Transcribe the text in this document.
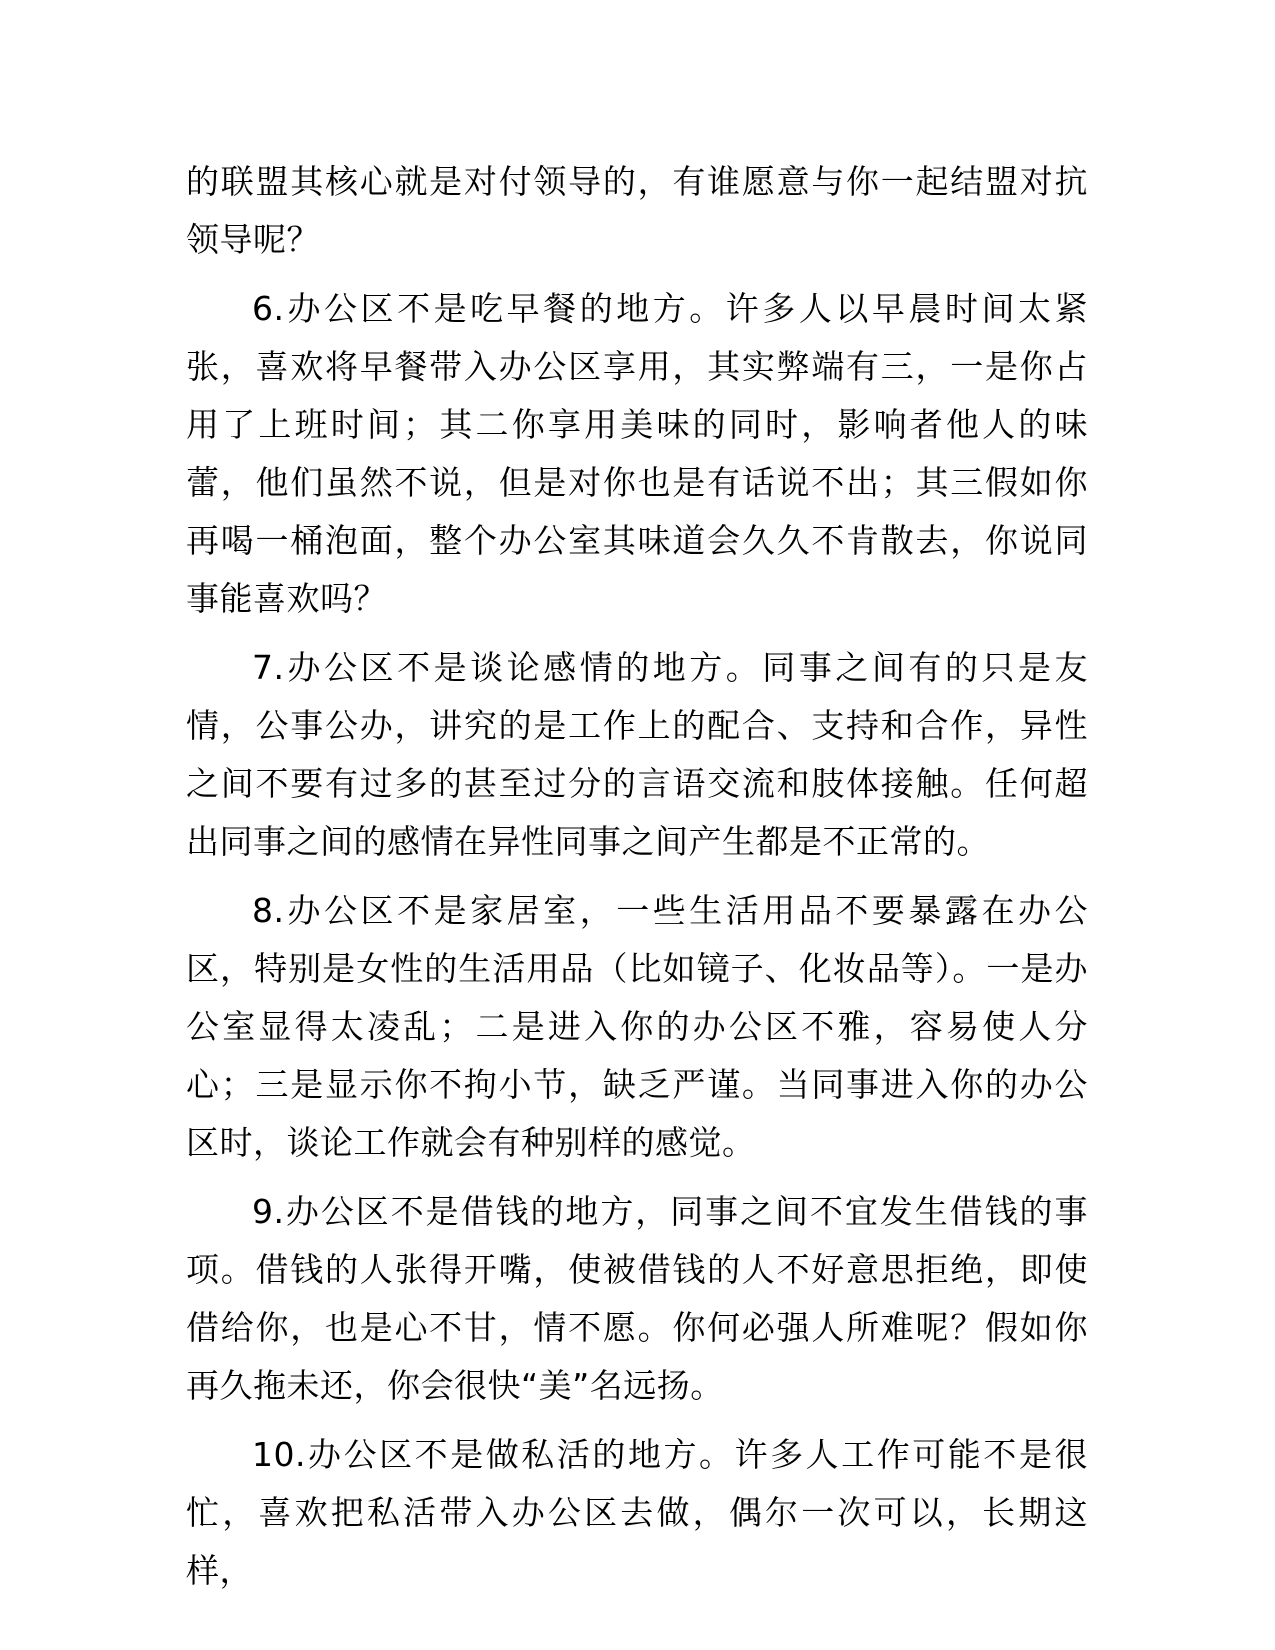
的联盟其核心就是对付领导的，有谁愿意与你一起结盟对抗领导呢？

6.办公区不是吃早餐的地方。许多人以早晨时间太紧张，喜欢将早餐带入办公区享用，其实弊端有三，一是你占用了上班时间；其二你享用美味的同时，影响者他人的味蕾，他们虽然不说，但是对你也是有话说不出；其三假如你再喝一桶泡面，整个办公室其味道会久久不肯散去，你说同事能喜欢吗？

7.办公区不是谈论感情的地方。同事之间有的只是友情，公事公办，讲究的是工作上的配合、支持和合作，异性之间不要有过多的甚至过分的言语交流和肢体接触。任何超出同事之间的感情在异性同事之间产生都是不正常的。

8.办公区不是家居室，一些生活用品不要暴露在办公区，特别是女性的生活用品（比如镜子、化妆品等）。一是办公室显得太凌乱；二是进入你的办公区不雅，容易使人分心；三是显示你不拘小节，缺乏严谨。当同事进入你的办公区时，谈论工作就会有种别样的感觉。

9.办公区不是借钱的地方，同事之间不宜发生借钱的事项。借钱的人张得开嘴，使被借钱的人不好意思拒绝，即使借给你，也是心不甘，情不愿。你何必强人所难呢？假如你再久拖未还，你会很快“美”名远扬。

10.办公区不是做私活的地方。许多人工作可能不是很忙，喜欢把私活带入办公区去做，偶尔一次可以，长期这样，
